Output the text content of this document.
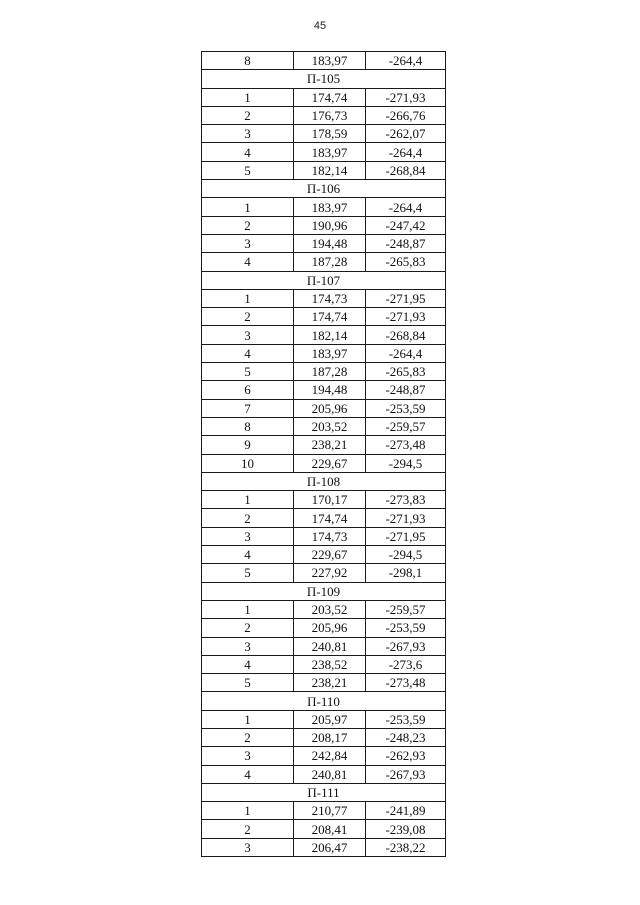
45
8	183,97	-264,4
П-105		
1	174,74	-271,93
2	176,73	-266,76
3	178,59	-262,07
4	183,97	-264,4
5	182,14	-268,84
П-106		
1	183,97	-264,4
2	190,96	-247,42
3	194,48	-248,87
4	187,28	-265,83
П-107		
1	174,73	-271,95
2	174,74	-271,93
3	182,14	-268,84
4	183,97	-264,4
5	187,28	-265,83
6	194,48	-248,87
7	205,96	-253,59
8	203,52	-259,57
9	238,21	-273,48
10	229,67	-294,5
П-108		
1	170,17	-273,83
2	174,74	-271,93
3	174,73	-271,95
4	229,67	-294,5
5	227,92	-298,1
П-109		
1	203,52	-259,57
2	205,96	-253,59
3	240,81	-267,93
4	238,52	-273,6
5	238,21	-273,48
П-110		
1	205,97	-253,59
2	208,17	-248,23
3	242,84	-262,93
4	240,81	-267,93
П-111		
1	210,77	-241,89
2	208,41	-239,08
3	206,47	-238,22
